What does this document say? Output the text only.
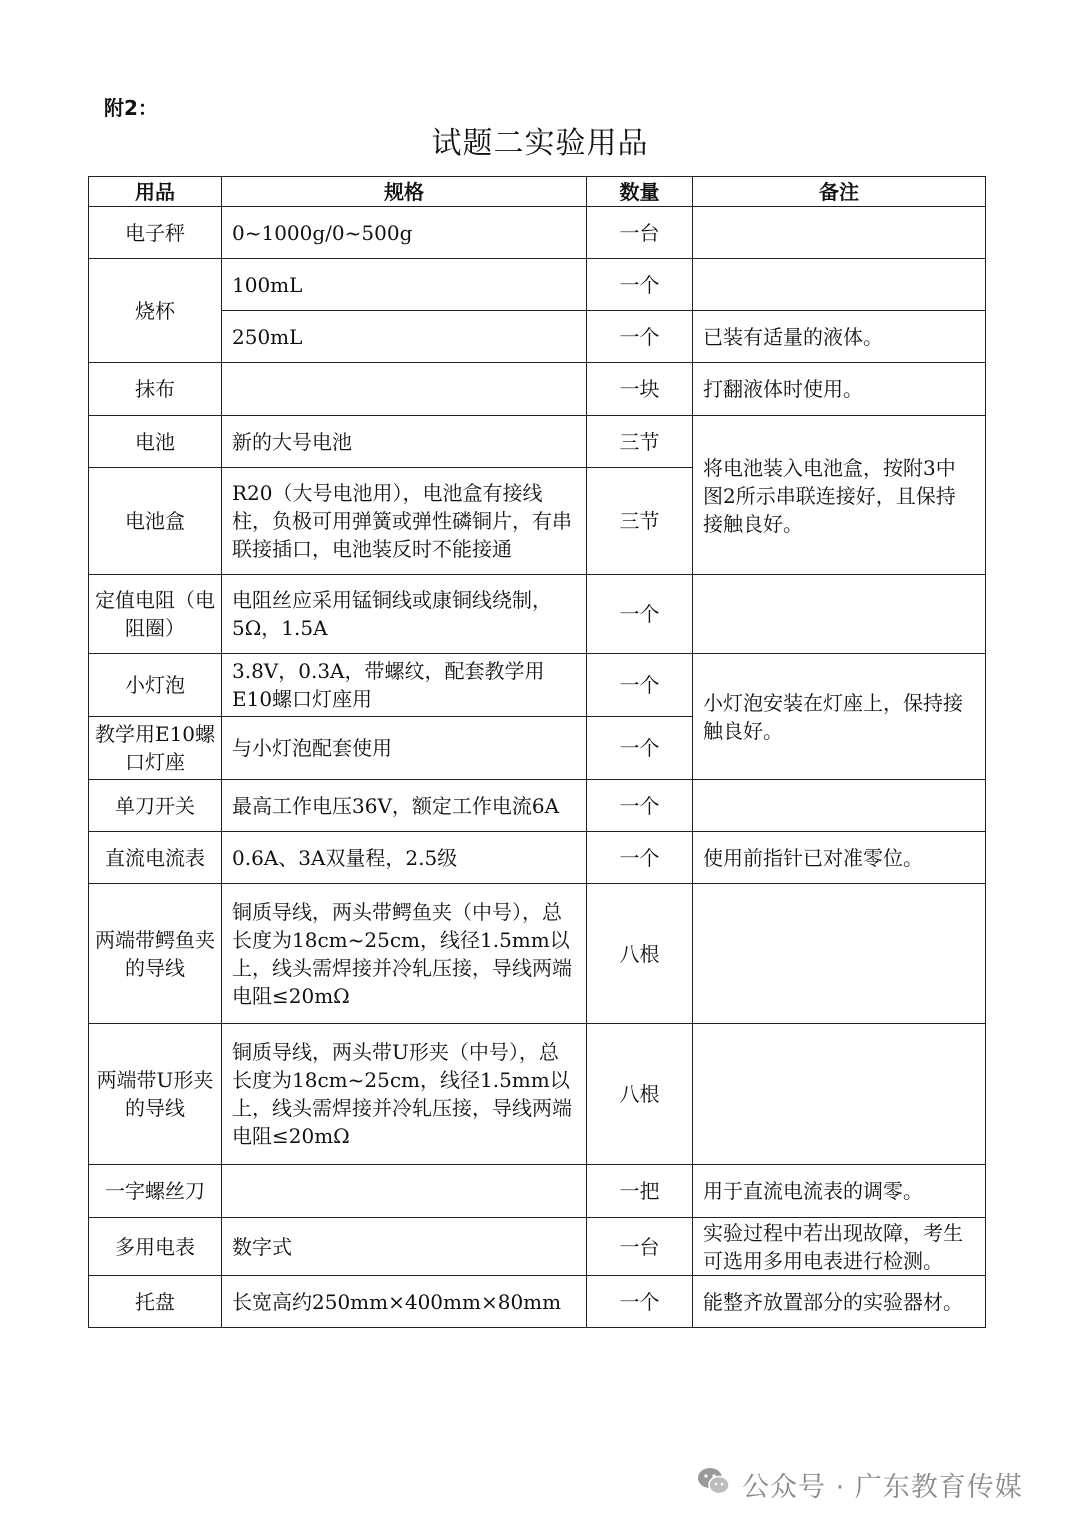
附2：
试题二实验用品
用品	规格	数量	备注
电子秤	0~1000g/0~500g	一台	
烧杯	100mL	一个	
	250mL	一个	已装有适量的液体。
抹布		一块	打翻液体时使用。
电池	新的大号电池	三节	将电池装入电池盒，按附3中图2所示串联连接好，且保持接触良好。
电池盒	R20（大号电池用），电池盒有接线柱，负极可用弹簧或弹性磷铜片，有串联接插口，电池装反时不能接通	三节	
定值电阻（电阻圈）	电阻丝应采用锰铜线或康铜线绕制，5Ω，1.5A	一个	
小灯泡	3.8V，0.3A，带螺纹，配套教学用E10螺口灯座用	一个	小灯泡安装在灯座上，保持接触良好。
教学用E10螺口灯座	与小灯泡配套使用	一个	
单刀开关	最高工作电压36V，额定工作电流6A	一个	
直流电流表	0.6A、3A双量程，2.5级	一个	使用前指针已对准零位。
两端带鳄鱼夹的导线	铜质导线，两头带鳄鱼夹（中号），总长度为18cm~25cm，线径1.5mm以上，线头需焊接并冷轧压接，导线两端电阻≤20mΩ	八根	
两端带U形夹的导线	铜质导线，两头带U形夹（中号），总长度为18cm~25cm，线径1.5mm以上，线头需焊接并冷轧压接，导线两端电阻≤20mΩ	八根	
一字螺丝刀		一把	用于直流电流表的调零。
多用电表	数字式	一台	实验过程中若出现故障，考生可选用多用电表进行检测。
托盘	长宽高约250mm×400mm×80mm	一个	能整齐放置部分的实验器材。
公众号 · 广东教育传媒
